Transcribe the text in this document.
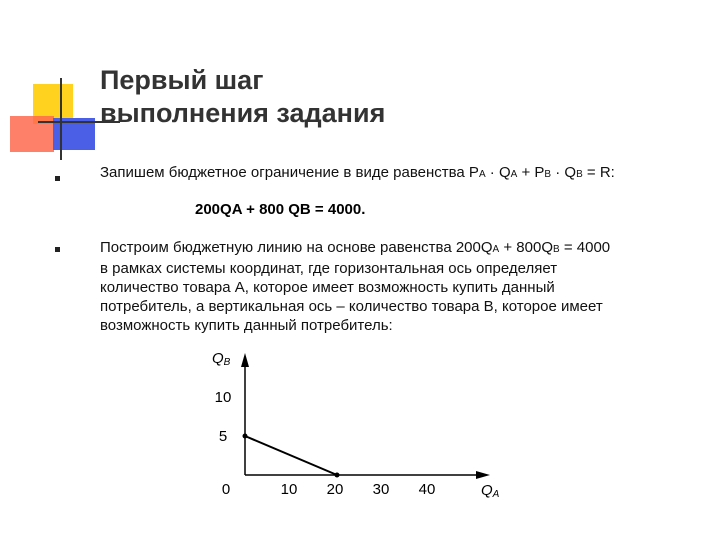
Первый шаг
выполнения задания
Запишем бюджетное ограничение в виде равенства PA · QA + PB · QB = R:
200QA + 800 QB = 4000.
Построим бюджетную линию на основе равенства 200QA + 800QB = 4000
в рамках системы координат, где горизонтальная ось определяет
количество товара А, которое имеет возможность купить данный
потребитель, а вертикальная ось – количество товара В, которое имеет
возможность купить данный потребитель:
QB
QA
0	10 20 30 40
10
5
